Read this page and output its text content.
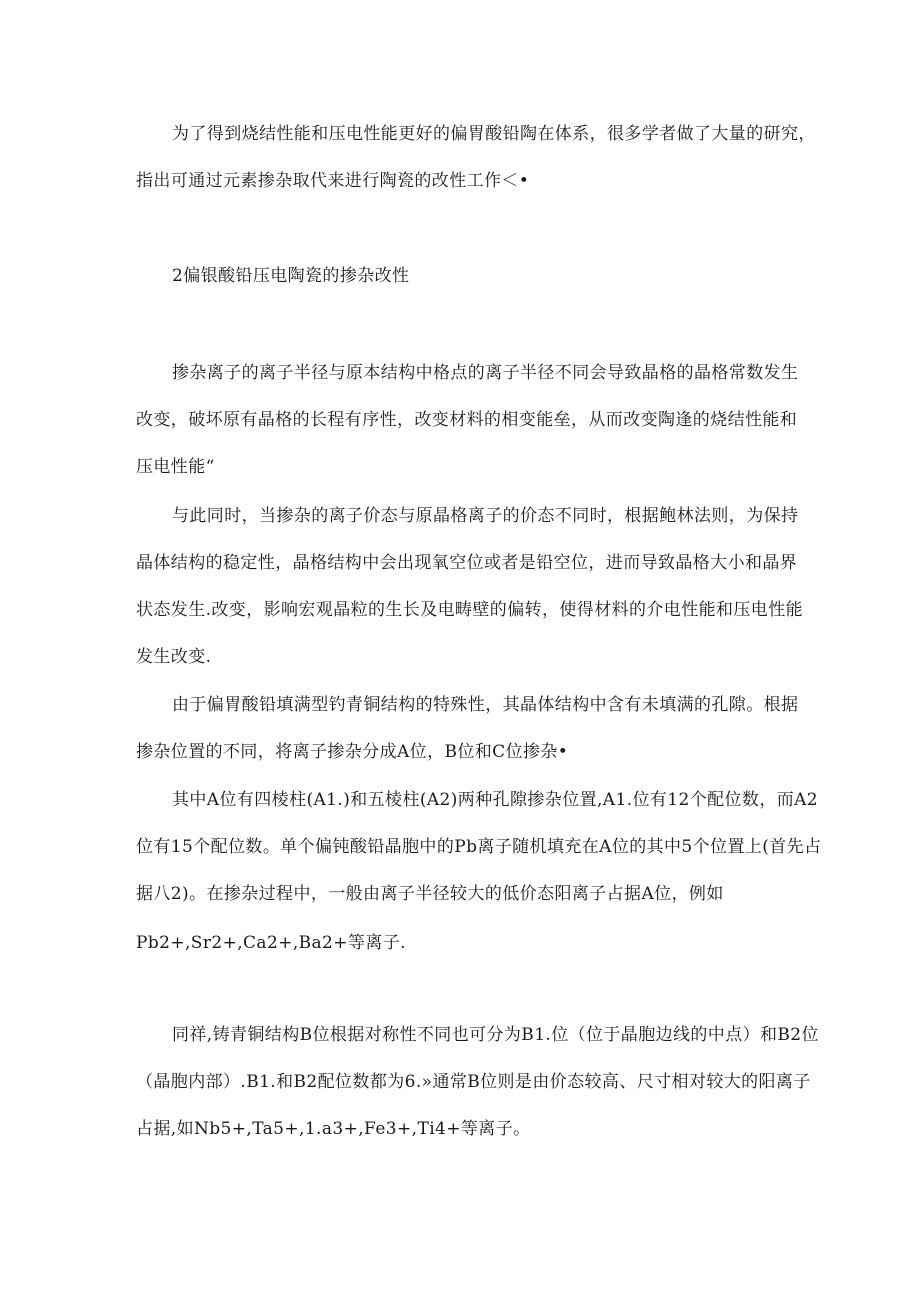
为了得到烧结性能和压电性能更好的偏胃酸铅陶在体系，很多学者做了大量的研究，
指出可通过元素掺杂取代来进行陶瓷的改性工作＜•
2偏银酸铅压电陶瓷的掺杂改性
掺杂离子的离子半径与原本结构中格点的离子半径不同会导致晶格的晶格常数发生
改变，破坏原有晶格的长程有序性，改变材料的相变能垒，从而改变陶逢的烧结性能和
压电性能“
与此同时，当掺杂的离子价态与原晶格离子的价态不同时，根据鲍林法则，为保持
晶体结构的稳定性，晶格结构中会出现氧空位或者是铅空位，进而导致晶格大小和晶界
状态发生.改变，影响宏观晶粒的生长及电畴壁的偏转，使得材料的介电性能和压电性能
发生改变.
由于偏胃酸铅填满型钓青铜结构的特殊性，其晶体结构中含有未填满的孔隙。根据
掺杂位置的不同，将离子掺杂分成A位，B位和C位掺杂•
其中A位有四棱柱(A1.)和五棱柱(A2)两种孔隙掺杂位置,A1.位有12个配位数，而A2
位有15个配位数。单个偏钝酸铅晶胞中的Pb离子随机填充在A位的其中5个位置上(首先占
据八2)。在掺杂过程中，一般由离子半径较大的低价态阳离子占据A位，例如
Pb2+,Sr2+,Ca2+,Ba2+等离子.
同祥,铸青铜结构B位根据对称性不同也可分为B1.位（位于晶胞边线的中点）和B2位
（晶胞内部）.B1.和B2配位数都为6.»通常B位则是由价态较高、尺寸相对较大的阳离子
占据,如Nb5+,Ta5+,1.a3+,Fe3+,Ti4+等离子。
